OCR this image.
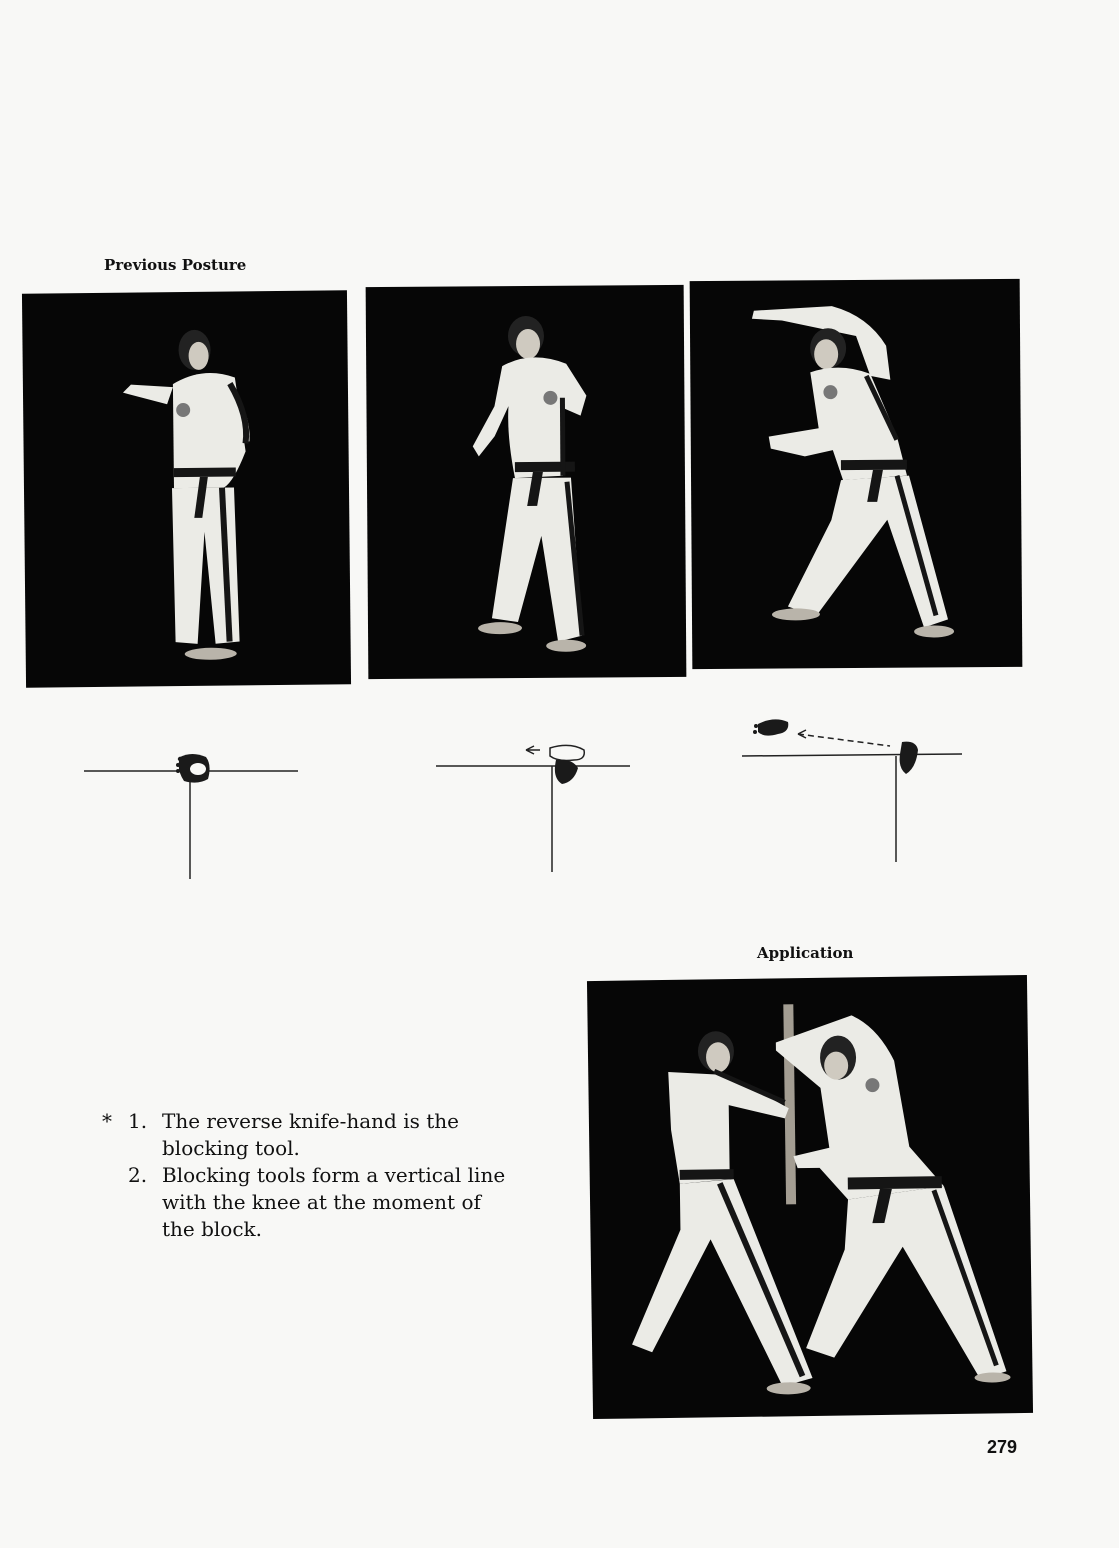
Previous Posture
Application
* 1. The reverse knife-hand is the blocking tool.
2. Blocking tools form a vertical line with the knee at the moment of the block.
279
